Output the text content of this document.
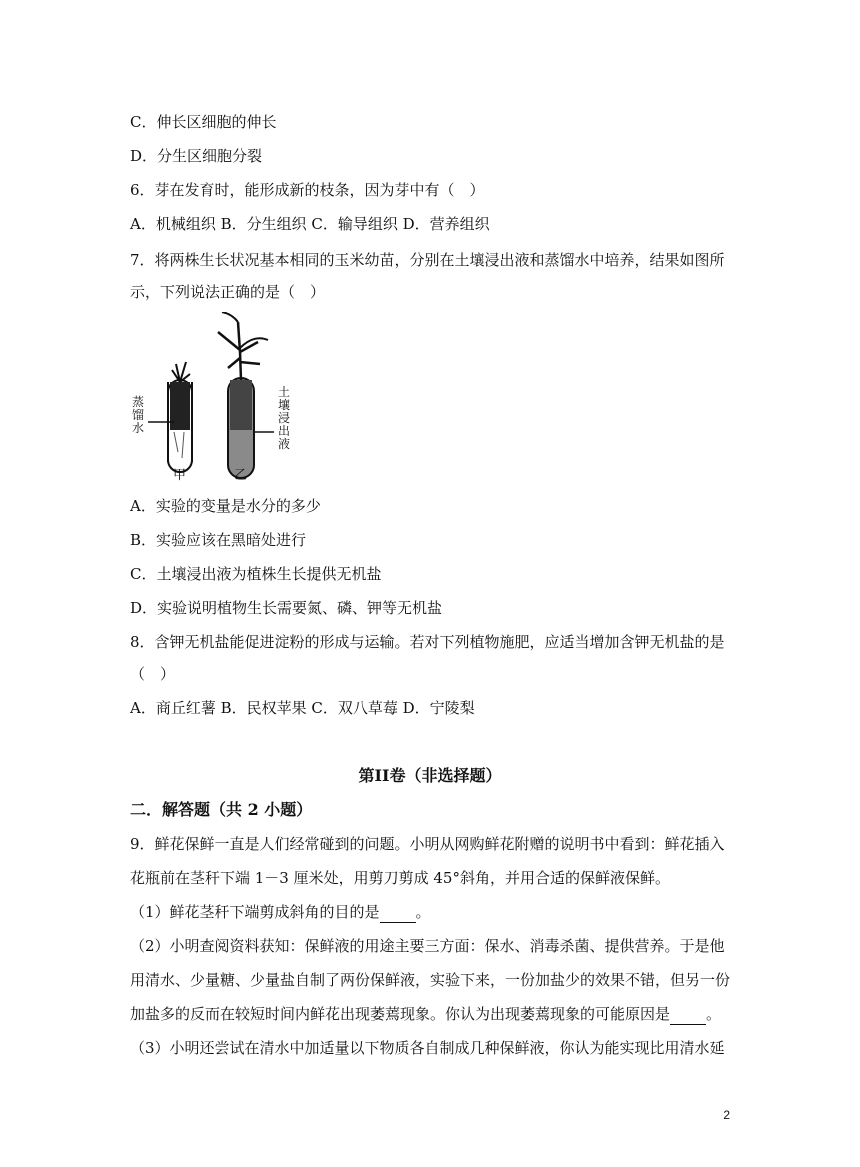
C．伸长区细胞的伸长
D．分生区细胞分裂
6．芽在发育时，能形成新的枝条，因为芽中有（　）
A．机械组织 B．分生组织 C．输导组织 D．营养组织
7．将两株生长状况基本相同的玉米幼苗，分别在土壤浸出液和蒸馏水中培养，结果如图所
示，下列说法正确的是（　）
蒸馏水
土壤浸出液
甲	乙
A．实验的变量是水分的多少
B．实验应该在黑暗处进行
C．土壤浸出液为植株生长提供无机盐
D．实验说明植物生长需要氮、磷、钾等无机盐
8．含钾无机盐能促进淀粉的形成与运输。若对下列植物施肥，应适当增加含钾无机盐的是
（　）
A．商丘红薯 B．民权苹果 C．双八草莓 D．宁陵梨
第II卷（非选择题）
二．解答题（共 2 小题）
9．鲜花保鲜一直是人们经常碰到的问题。小明从网购鲜花附赠的说明书中看到：鲜花插入
花瓶前在茎秆下端 1－3 厘米处，用剪刀剪成 45°斜角，并用合适的保鲜液保鲜。
（1）鲜花茎秆下端剪成斜角的目的是 。
（2）小明查阅资料获知：保鲜液的用途主要三方面：保水、消毒杀菌、提供营养。于是他
用清水、少量糖、少量盐自制了两份保鲜液，实验下来，一份加盐少的效果不错，但另一份
加盐多的反而在较短时间内鲜花出现萎蔫现象。你认为出现萎蔫现象的可能原因是 。
（3）小明还尝试在清水中加适量以下物质各自制成几种保鲜液，你认为能实现比用清水延
2
